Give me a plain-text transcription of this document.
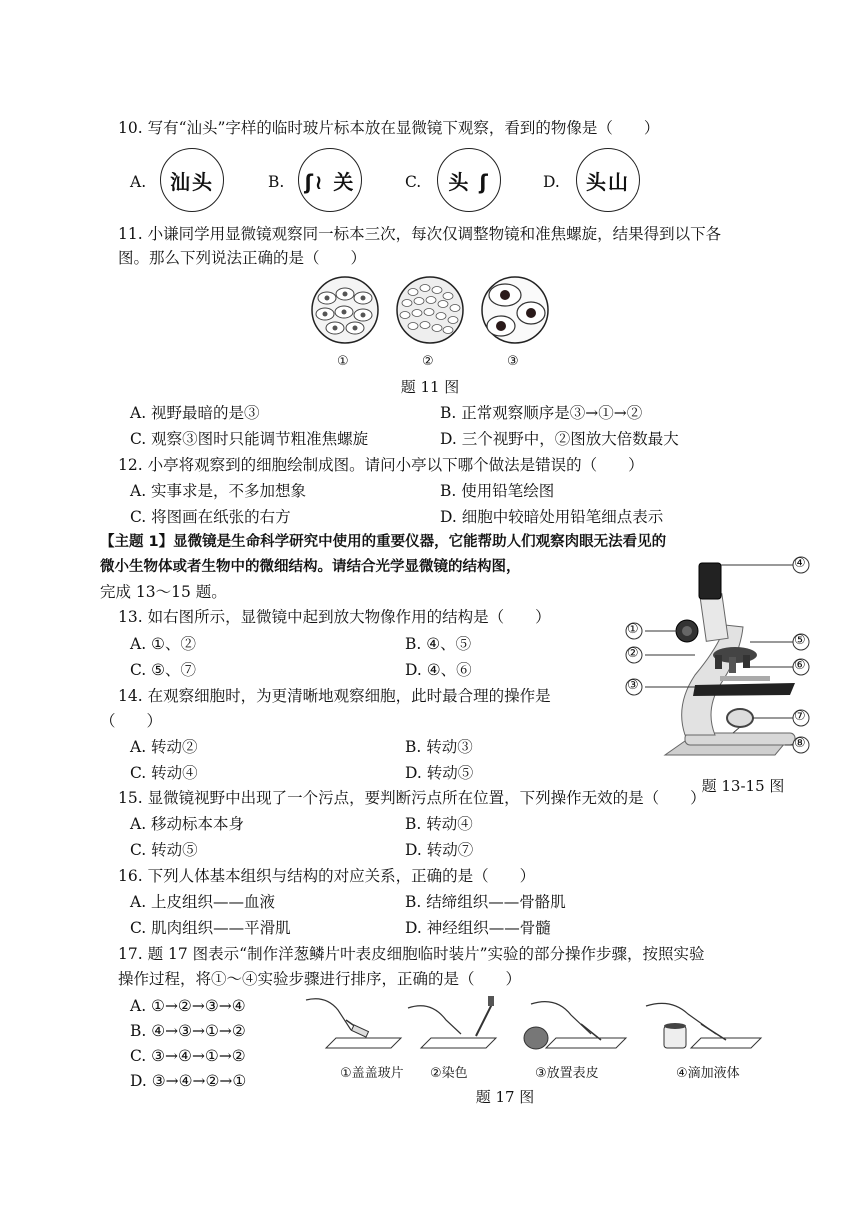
10. 写有“汕头”字样的临时玻片标本放在显微镜下观察，看到的物像是（　　）
A.	汕头	B.	ʃ≀ 关	C.	头 ʃ	D.	头山
11. 小谦同学用显微镜观察同一标本三次，每次仅调整物镜和准焦螺旋，结果得到以下各
图。那么下列说法正确的是（　　）
①	②	③
题 11 图
A. 视野最暗的是③	B. 正常观察顺序是③→①→②
C. 观察③图时只能调节粗准焦螺旋	D. 三个视野中，②图放大倍数最大
12. 小亭将观察到的细胞绘制成图。请问小亭以下哪个做法是错误的（　　）
A. 实事求是，不多加想象	B. 使用铅笔绘图
C. 将图画在纸张的右方	D. 细胞中较暗处用铅笔细点表示
【主题 1】显微镜是生命科学研究中使用的重要仪器，它能帮助人们观察肉眼无法看见的
微小生物体或者生物中的微细结构。请结合光学显微镜的结构图，
完成 13～15 题。
①
②
③
④
⑤
⑥
⑦
⑧
题 13-15 图
13. 如右图所示，显微镜中起到放大物像作用的结构是（　　）
A. ①、②	B. ④、⑤
C. ⑤、⑦	D. ④、⑥
14. 在观察细胞时，为更清晰地观察细胞，此时最合理的操作是
（　　）
A. 转动②	B. 转动③
C. 转动④	D. 转动⑤
15. 显微镜视野中出现了一个污点，要判断污点所在位置，下列操作无效的是（　　）
A. 移动标本本身	B. 转动④
C. 转动⑤	D. 转动⑦
16. 下列人体基本组织与结构的对应关系，正确的是（　　）
A. 上皮组织——血液	B. 结缔组织——骨骼肌
C. 肌肉组织——平滑肌	D. 神经组织——骨髓
17. 题 17 图表示“制作洋葱鳞片叶表皮细胞临时装片”实验的部分操作步骤，按照实验
操作过程，将①～④实验步骤进行排序，正确的是（　　）
A. ①→②→③→④
B. ④→③→①→②
C. ③→④→①→②
D. ③→④→②→①	①盖盖玻片 ②染色	③放置表皮	④滴加液体
题 17 图
